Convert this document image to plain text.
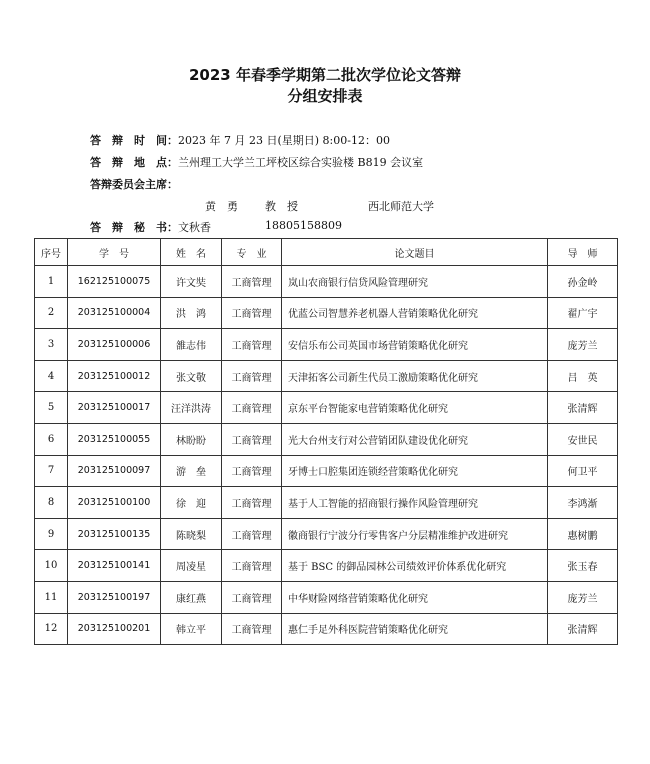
2023 年春季学期第二批次学位论文答辩
分组安排表
答　辩　时　间：2023 年 7 月 23 日(星期日) 8:00-12：00
答　辩　地　点：兰州理工大学兰工坪校区综合实验楼 B819 会议室
答辩委员会主席：
黄　勇 教　授	西北师范大学
答　辩　秘　书：文秋香	18805158809
序号	学　号	姓　名	专　业	论文题目	导　师
1	162125100075	许文奘	工商管理	岚山农商银行信贷风险管理研究	孙金岭
2	203125100004	洪　鸿	工商管理	优蓝公司智慧养老机器人营销策略优化研究	翟广宇
3	203125100006	雒志伟	工商管理	安信乐布公司英国市场营销策略优化研究	庞芳兰
4	203125100012	张文敬	工商管理	天津拓客公司新生代员工激励策略优化研究	吕　英
5	203125100017	汪洋洪涛	工商管理	京东平台智能家电营销策略优化研究	张清辉
6	203125100055	林盼盼	工商管理	光大台州支行对公营销团队建设优化研究	安世民
7	203125100097	游　垒	工商管理	牙博士口腔集团连锁经营策略优化研究	何卫平
8	203125100100	徐　迎	工商管理	基于人工智能的招商银行操作风险管理研究	李鸿渐
9	203125100135	陈晓梨	工商管理	徽商银行宁波分行零售客户分层精准维护改进研究	惠树鹏
10	203125100141	周凌星	工商管理	基于 BSC 的御品园林公司绩效评价体系优化研究	张玉春
11	203125100197	康红燕	工商管理	中华财险网络营销策略优化研究	庞芳兰
12	203125100201	韩立平	工商管理	惠仁手足外科医院营销策略优化研究	张清辉
